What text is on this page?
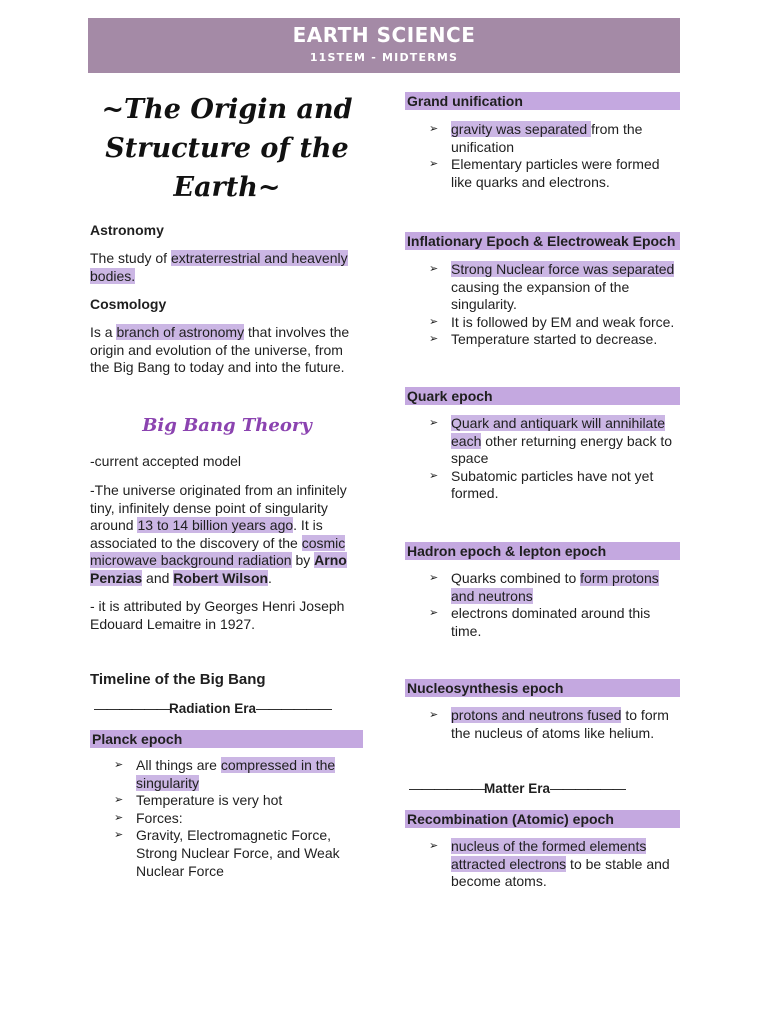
EARTH SCIENCE
11STEM - MIDTERMS
~The Origin and
Structure of the
Earth~
Astronomy
The study of extraterrestrial and heavenly bodies.
Cosmology
Is a branch of astronomy that involves the origin and evolution of the universe, from the Big Bang to today and into the future.
Big Bang Theory
-current accepted model
-The universe originated from an infinitely tiny, infinitely dense point of singularity around 13 to 14 billion years ago. It is associated to the discovery of the cosmic microwave background radiation by Arno Penzias and Robert Wilson.
- it is attributed by Georges Henri Joseph Edouard Lemaitre in 1927.
Timeline of the Big Bang
——————Radiation Era——————
Planck epoch
➢ All things are compressed in the singularity
➢ Temperature is very hot
➢ Forces:
➢ Gravity, Electromagnetic Force, Strong Nuclear Force, and Weak Nuclear Force
Grand unification
➢ gravity was separated from the unification
➢ Elementary particles were formed like quarks and electrons.
Inflationary Epoch & Electroweak Epoch
➢ Strong Nuclear force was separated causing the expansion of the singularity.
➢ It is followed by EM and weak force.
➢ Temperature started to decrease.
Quark epoch
➢ Quark and antiquark will annihilate each other returning energy back to space
➢ Subatomic particles have not yet formed.
Hadron epoch & lepton epoch
➢ Quarks combined to form protons and neutrons
➢ electrons dominated around this time.
Nucleosynthesis epoch
➢ protons and neutrons fused to form the nucleus of atoms like helium.
——————Matter Era——————
Recombination (Atomic) epoch
➢ nucleus of the formed elements attracted electrons to be stable and become atoms.
